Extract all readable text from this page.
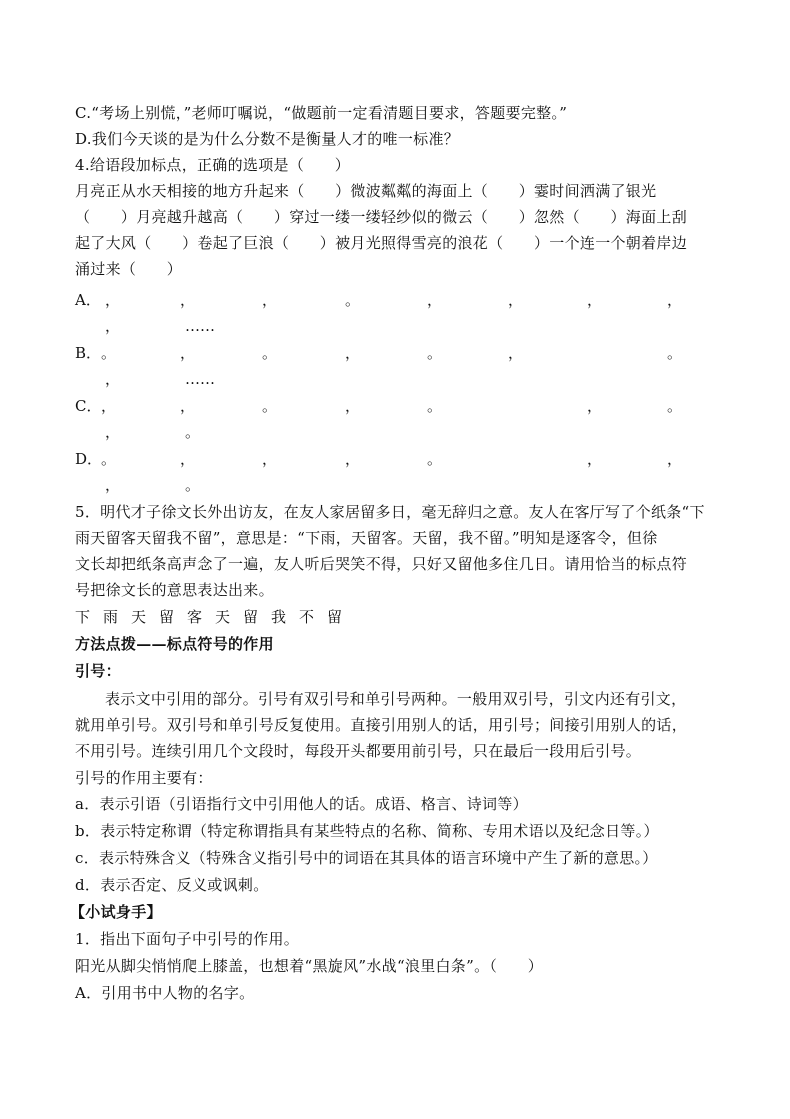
C.“考场上别慌，”老师叮嘱说，“做题前一定看清题目要求，答题要完整。”
D.我们今天谈的是为什么分数不是衡量人才的唯一标准？
4.给语段加标点，正确的选项是（　　）
月亮正从水天相接的地方升起来（　　）微波粼粼的海面上（　　）霎时间洒满了银光
（　　）月亮越升越高（　　）穿过一缕一缕轻纱似的微云（　　）忽然（　　）海面上刮
起了大风（　　）卷起了巨浪（　　）被月光照得雪亮的浪花（　　）一个连一个朝着岸边
涌过来（　　）
A． ，	，	，	。	，	，	，	，
，	……
B． 。	，	。	，	。	，	。
，	……
C． ，	，	。	，	。	，	。
，	。
D．
。	，	，	，	。	，	，
，	。
5．明代才子徐文长外出访友，在友人家居留多日，毫无辞归之意。友人在客厅写了个纸条“下
雨天留客天留我不留”，意思是：“下雨，天留客。天留，我不留。”明知是逐客令，但徐
文长却把纸条高声念了一遍，友人听后哭笑不得，只好又留他多住几日。请用恰当的标点符
号把徐文长的意思表达出来。
下雨天留客天留我不留
方法点拨——标点符号的作用
引号：
表示文中引用的部分。引号有双引号和单引号两种。一般用双引号，引文内还有引文，
就用单引号。双引号和单引号反复使用。直接引用别人的话，用引号；间接引用别人的话，
不用引号。连续引用几个文段时，每段开头都要用前引号，只在最后一段用后引号。
引号的作用主要有：
a．表示引语（引语指行文中引用他人的话。成语、格言、诗词等）
b．表示特定称谓（特定称谓指具有某些特点的名称、简称、专用术语以及纪念日等。）
c．表示特殊含义（特殊含义指引号中的词语在其具体的语言环境中产生了新的意思。）
d．表示否定、反义或讽刺。
【小试身手】
1．指出下面句子中引号的作用。
阳光从脚尖悄悄爬上膝盖，也想着“黑旋风”水战“浪里白条”。（　　）
A．引用书中人物的名字。
